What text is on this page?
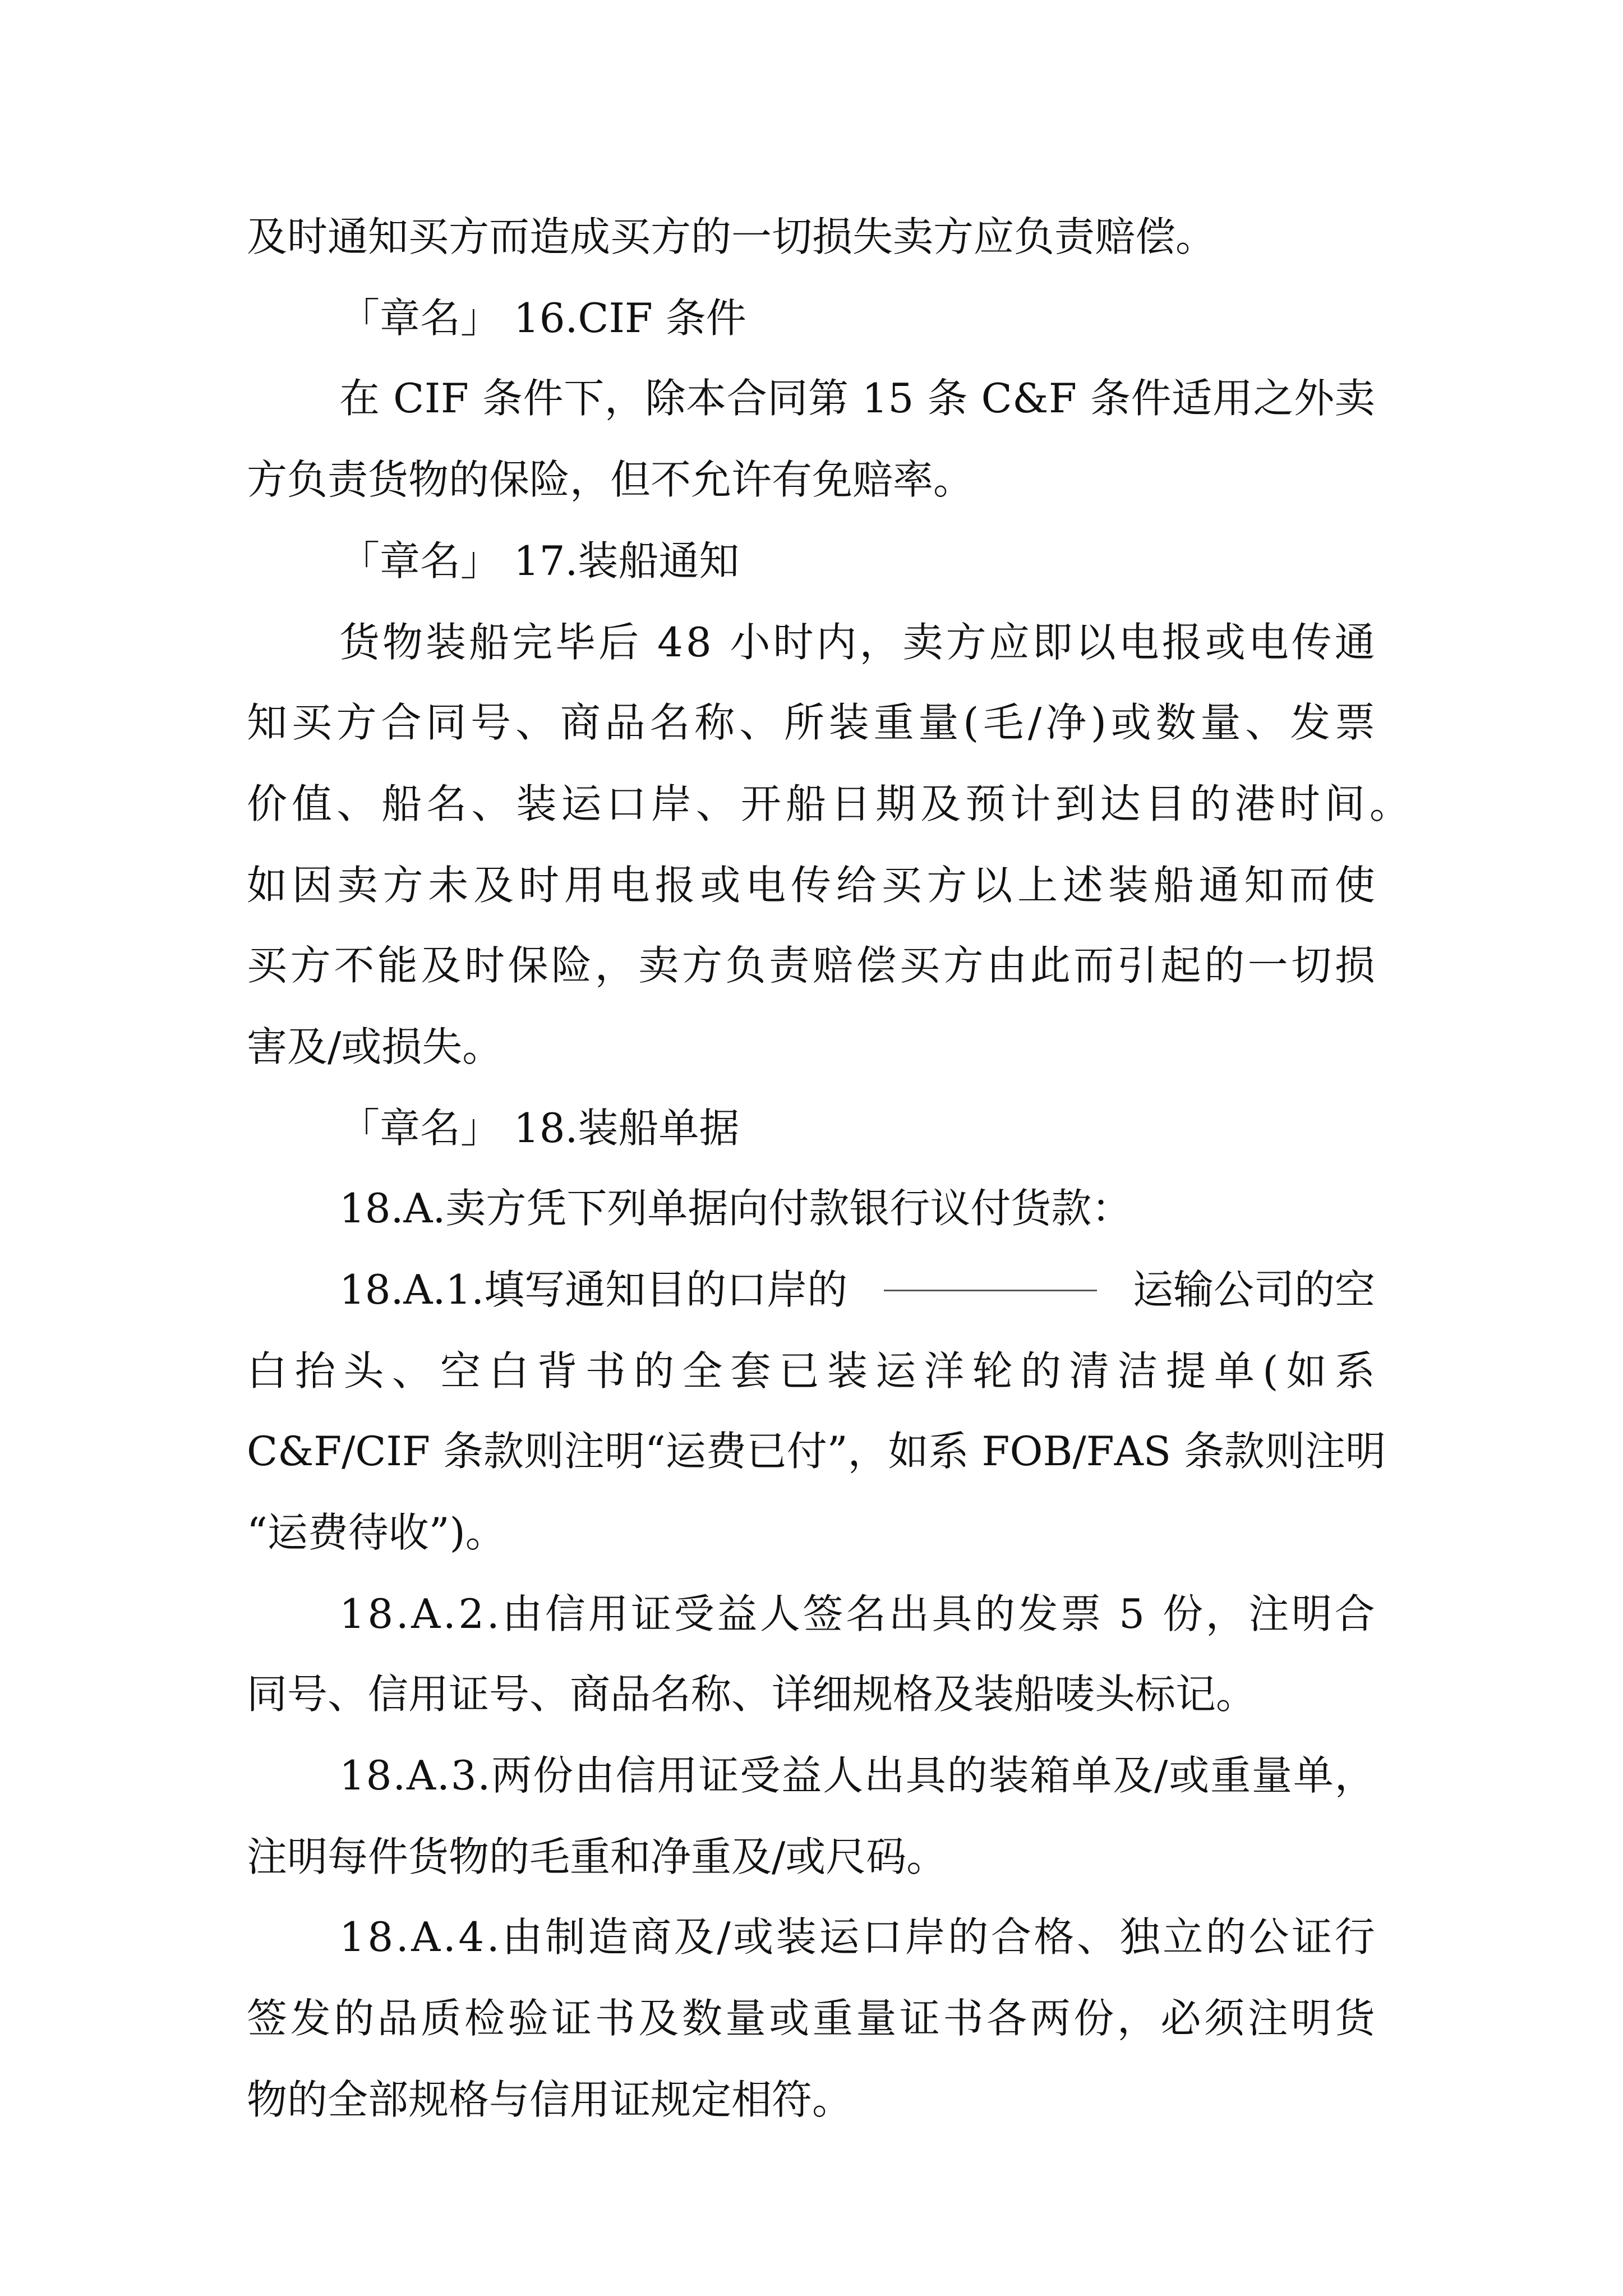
及时通知买方而造成买方的一切损失卖方应负责赔偿。
「章名」 16.CIF 条件
在
C I F
条 件 下 ， 除 本 合 同 第
1 5
条
C & F
条 件 适 用 之 外 卖
方负责货物的保险，但不允许有免赔率。
「章名」 17.装船通知
货 物 装 船 完 毕 后
4 8
小 时 内 ， 卖 方 应 即 以 电 报 或 电 传 通
知 买 方 合 同 号 、 商 品 名 称 、 所 装 重 量 ( 毛 / 净 ) 或 数 量 、 发 票
价 值 、 船 名 、 装 运 口 岸 、 开 船 日 期 及 预 计 到 达 目 的 港 时 间 。
如 因 卖 方 未 及 时 用 电 报 或 电 传 给 买 方 以 上 述 装 船 通 知 而 使
买 方 不 能 及 时 保 险 ， 卖 方 负 责 赔 偿 买 方 由 此 而 引 起 的 一 切 损
害及/或损失。
「章名」 18.装船单据
18.A.卖方凭下列单据向付款银行议付货款：
18.A.1.填写通知目的口岸的	运输公司的空
白 抬 头 、 空 白 背 书 的 全 套 已 装 运 洋 轮 的 清 洁 提 单 ( 如 系
C & F / C I F
条 款 则 注 明 “ 运 费 已 付 ” ， 如 系
F O B / F A S
条 款 则 注 明
“运费待收”)。
1 8 . A . 2 . 由 信 用 证 受 益 人 签 名 出 具 的 发 票
5
份 ， 注 明 合
同号、信用证号、商品名称、详细规格及装船唛头标记。
1 8 . A . 3 . 两 份 由 信 用 证 受 益 人 出 具 的 装 箱 单 及 / 或 重 量 单 ，
注明每件货物的毛重和净重及/或尺码。
1 8 . A . 4 . 由 制 造 商 及 / 或 装 运 口 岸 的 合 格 、 独 立 的 公 证 行
签 发 的 品 质 检 验 证 书 及 数 量 或 重 量 证 书 各 两 份 ， 必 须 注 明 货
物的全部规格与信用证规定相符。
